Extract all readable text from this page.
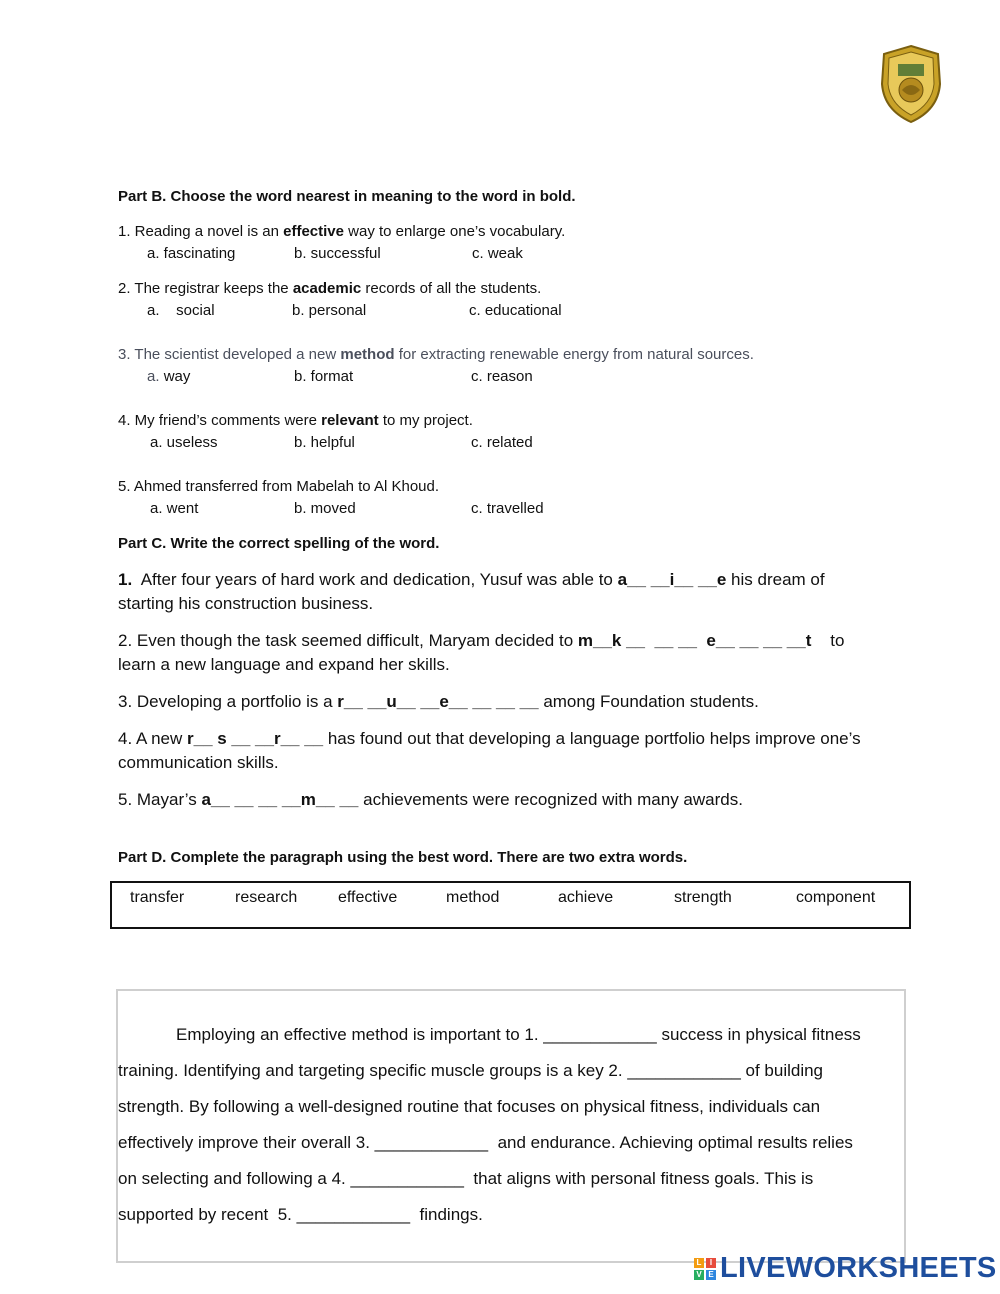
Part B. Choose the word nearest in meaning to the word in bold.
1. Reading a novel is an effective way to enlarge one’s vocabulary.
a. fascinating	b. successful	c. weak
2. The registrar keeps the academic records of all the students.
a.    social	b. personal	c. educational
3. The scientist developed a new method for extracting renewable energy from natural sources.
a. way	b. format	c. reason
4. My friend’s comments were relevant to my project.
a. useless	b. helpful	c. related
5. Ahmed transferred from Mabelah to Al Khoud.
a. went	b. moved	c. travelled
Part C. Write the correct spelling of the word.
1.  After four years of hard work and dedication, Yusuf was able to a__ __i__ __e his dream of
starting his construction business.
2. Even though the task seemed difficult, Maryam decided to m__k __  __ __  e__ __ __ __t    to
learn a new language and expand her skills.
3. Developing a portfolio is a r__ __u__ __e__ __ __ __ among Foundation students.
4. A new r__ s __ __r__ __ has found out that developing a language portfolio helps improve one’s
communication skills.
5. Mayar’s a__ __ __ __m__ __ achievements were recognized with many awards.
Part D. Complete the paragraph using the best word. There are two extra words.
transfer	research	effective	method	achieve	strength	component
Employing an effective method is important to 1. ____________ success in physical fitness
training. Identifying and targeting specific muscle groups is a key 2. ____________ of building
strength. By following a well-designed routine that focuses on physical fitness, individuals can
effectively improve their overall 3. ____________  and endurance. Achieving optimal results relies
on selecting and following a 4. ____________  that aligns with personal fitness goals. This is
supported by recent  5. ____________  findings.
L	I
V E LIVEWORKSHEETS
